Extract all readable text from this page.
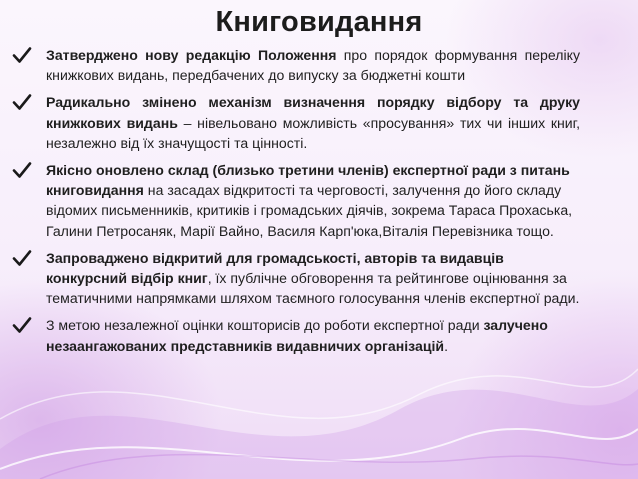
Книговидання
Затверджено нову редакцію Положення про порядок формування переліку книжкових видань, передбачених до випуску за бюджетні кошти
Радикально змінено механізм визначення порядку відбору та друку книжкових видань – нівельовано можливість «просування» тих чи інших книг, незалежно від їх значущості та цінності.
Якісно оновлено склад (близько третини членів) експертної ради з питань книговидання на засадах відкритості та черговості, залучення до його складу відомих письменників, критиків і громадських діячів, зокрема Тараса Прохаська, Галини Петросаняк, Марії Вайно, Василя Карп'юка,Віталія Перевізника тощо.
Запроваджено відкритий для громадськості, авторів та видавців конкурсний відбір книг, їх публічне обговорення та рейтингове оцінювання за тематичними напрямками шляхом таємного голосування членів експертної ради.
З метою незалежної оцінки кошторисів до роботи експертної ради залучено незаангажованих представників видавничих організацій.
